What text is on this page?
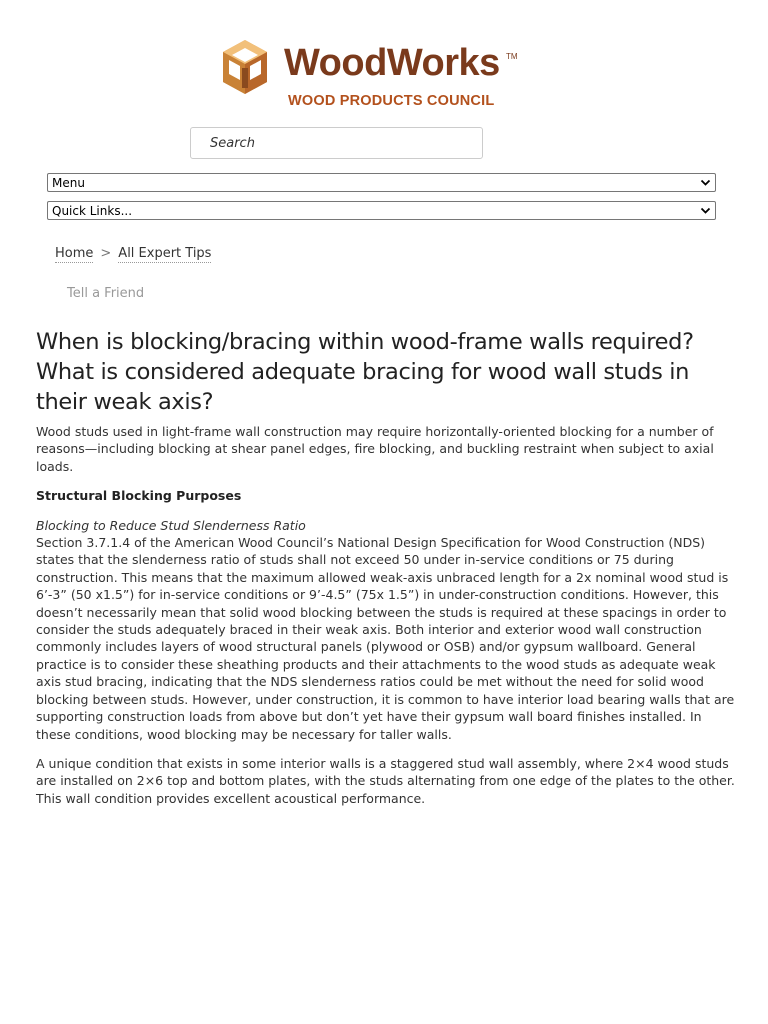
WoodWorks TM
WOOD PRODUCTS COUNCIL
Search
Menu
Quick Links...
Home > All Expert Tips
Tell a Friend
When is blocking/bracing within wood-frame walls required? What is considered adequate bracing for wood wall studs in their weak axis?

Wood studs used in light-frame wall construction may require horizontally-oriented blocking for a number of reasons—including blocking at shear panel edges, fire blocking, and buckling restraint when subject to axial loads.

Structural Blocking Purposes

Blocking to Reduce Stud Slenderness Ratio
Section 3.7.1.4 of the American Wood Council’s National Design Specification for Wood Construction (NDS) states that the slenderness ratio of studs shall not exceed 50 under in-service conditions or 75 during construction. This means that the maximum allowed weak-axis unbraced length for a 2x nominal wood stud is 6’-3” (50 x1.5”) for in-service conditions or 9’-4.5” (75x 1.5”) in under-construction conditions. However, this doesn’t necessarily mean that solid wood blocking between the studs is required at these spacings in order to consider the studs adequately braced in their weak axis. Both interior and exterior wood wall construction commonly includes layers of wood structural panels (plywood or OSB) and/or gypsum wallboard. General practice is to consider these sheathing products and their attachments to the wood studs as adequate weak axis stud bracing, indicating that the NDS slenderness ratios could be met without the need for solid wood blocking between studs. However, under construction, it is common to have interior load bearing walls that are supporting construction loads from above but don’t yet have their gypsum wall board finishes installed. In these conditions, wood blocking may be necessary for taller walls.

A unique condition that exists in some interior walls is a staggered stud wall assembly, where 2×4 wood studs are installed on 2×6 top and bottom plates, with the studs alternating from one edge of the plates to the other. This wall condition provides excellent acoustical performance.
